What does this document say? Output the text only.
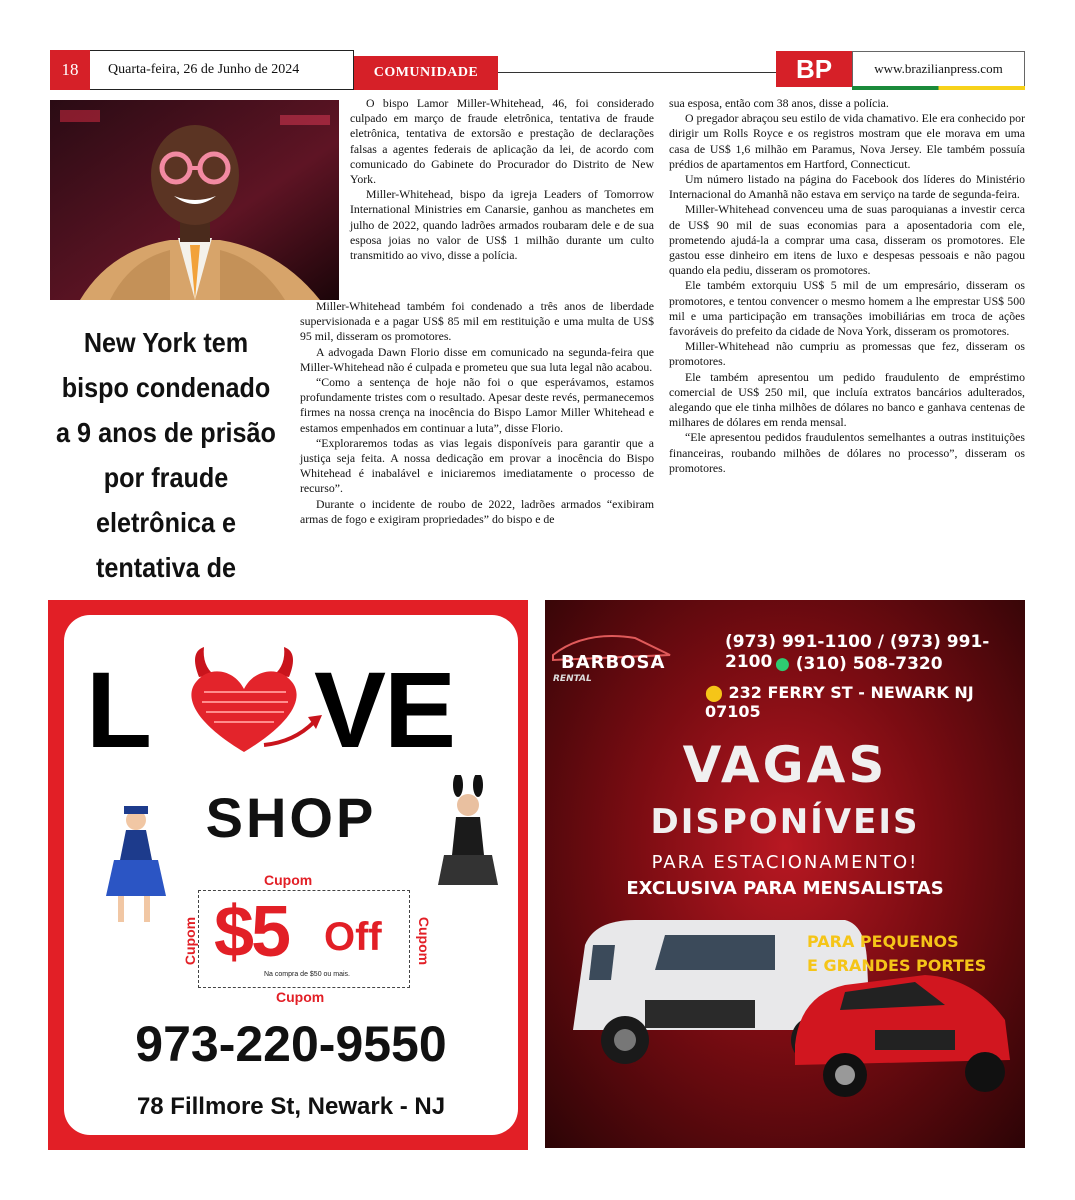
18	Quarta-feira, 26 de Junho de 2024	COMUNIDADE	BP	www.brazilianpress.com
New York tem bispo condenado a 9 anos de prisão por fraude eletrônica e tentativa de

O bispo Lamor Miller-Whitehead, 46, foi considerado culpado em março de fraude eletrônica, tentativa de fraude eletrônica, tentativa de extorsão e prestação de declarações falsas a agentes federais de aplicação da lei, de acordo com comunicado do Gabinete do Procurador do Distrito de New York.

Miller-Whitehead, bispo da igreja Leaders of Tomorrow International Ministries em Canarsie, ganhou as manchetes em julho de 2022, quando ladrões armados roubaram dele e de sua esposa joias no valor de US$ 1 milhão durante um culto transmitido ao vivo, disse a polícia.

Miller-Whitehead também foi condenado a três anos de liberdade supervisionada e a pagar US$ 85 mil em restituição e uma multa de US$ 95 mil, disseram os promotores.

A advogada Dawn Florio disse em comunicado na segunda-feira que Miller-Whitehead não é culpada e prometeu que sua luta legal não acabou.

“Como a sentença de hoje não foi o que esperávamos, estamos profundamente tristes com o resultado. Apesar deste revés, permanecemos firmes na nossa crença na inocência do Bispo Lamor Miller Whitehead e estamos empenhados em continuar a luta”, disse Florio.

“Exploraremos todas as vias legais disponíveis para garantir que a justiça seja feita. A nossa dedicação em provar a inocência do Bispo Whitehead é inabalável e iniciaremos imediatamente o processo de recurso”.

Durante o incidente de roubo de 2022, ladrões armados “exibiram armas de fogo e exigiram propriedades” do bispo e de

sua esposa, então com 38 anos, disse a polícia.

O pregador abraçou seu estilo de vida chamativo. Ele era conhecido por dirigir um Rolls Royce e os registros mostram que ele morava em uma casa de US$ 1,6 milhão em Paramus, Nova Jersey. Ele também possuía prédios de apartamentos em Hartford, Connecticut.

Um número listado na página do Facebook dos líderes do Ministério Internacional do Amanhã não estava em serviço na tarde de segunda-feira.

Miller-Whitehead convenceu uma de suas paroquianas a investir cerca de US$ 90 mil de suas economias para a aposentadoria com ele, prometendo ajudá-la a comprar uma casa, disseram os promotores. Ele gastou esse dinheiro em itens de luxo e despesas pessoais e não pagou quando ela pediu, disseram os promotores.

Ele também extorquiu US$ 5 mil de um empresário, disseram os promotores, e tentou convencer o mesmo homem a lhe emprestar US$ 500 mil e uma participação em transações imobiliárias em troca de ações favoráveis do prefeito da cidade de Nova York, disseram os promotores.

Miller-Whitehead não cumpriu as promessas que fez, disseram os promotores.

Ele também apresentou um pedido fraudulento de empréstimo comercial de US$ 250 mil, que incluía extratos bancários adulterados, alegando que ele tinha milhões de dólares no banco e ganhava centenas de milhares de dólares em renda mensal.

“Ele apresentou pedidos fraudulentos semelhantes a outras instituições financeiras, roubando milhões de dólares no processo”, disseram os promotores.

L VE
SHOP
Cupom
Cupom
Cupom	Cupom
$5 Off
Na compra de $50 ou mais.
973-220-9550
78 Fillmore St, Newark - NJ
BARBOSA
RENTAL
(973) 991-1100 / (973) 991-2100 ● (310) 508-7320
⬤ 232 FERRY ST - NEWARK NJ 07105
VAGAS
DISPONÍVEIS
PARA ESTACIONAMENTO!
EXCLUSIVA PARA MENSALISTAS
PARA PEQUENOS
E GRANDES PORTES
